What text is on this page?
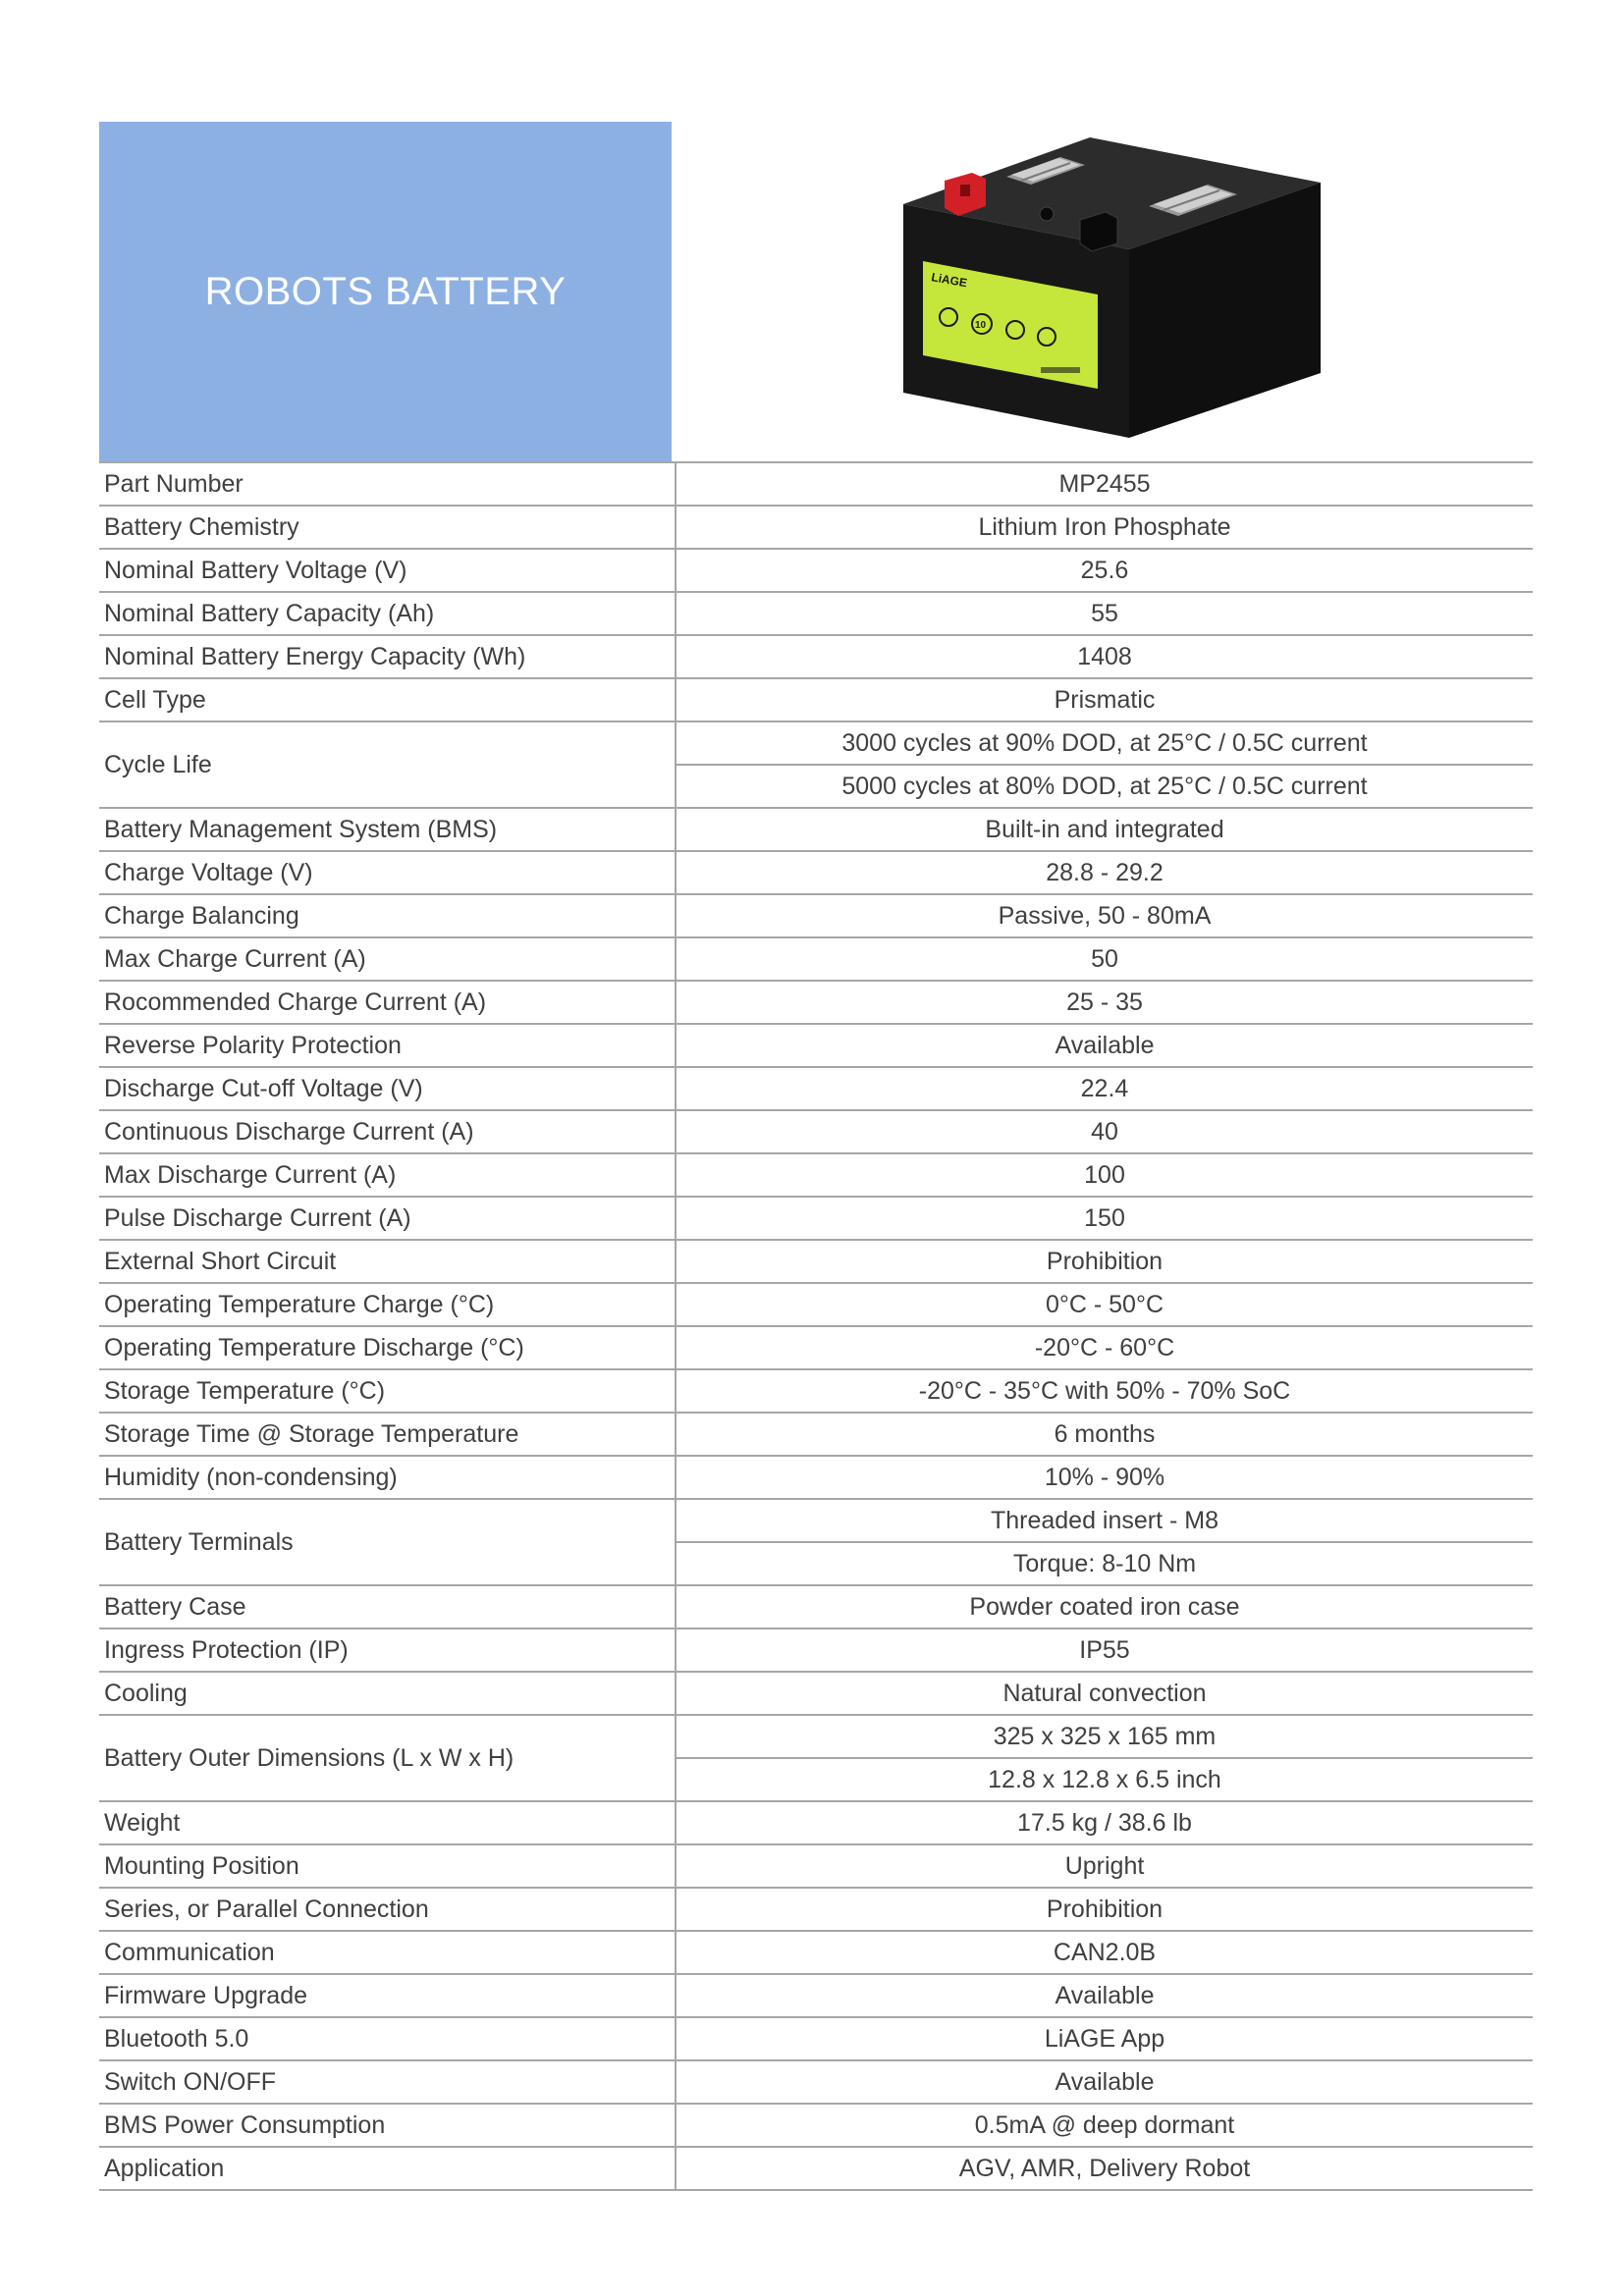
ROBOTS BATTERY	LiAGE
10
Part Number	MP2455
Battery Chemistry	Lithium Iron Phosphate
Nominal Battery Voltage (V)	25.6
Nominal Battery Capacity (Ah)	55
Nominal Battery Energy Capacity (Wh)	1408
Cell Type	Prismatic
Cycle Life	3000 cycles at 90% DOD, at 25°C / 0.5C current
	5000 cycles at 80% DOD, at 25°C / 0.5C current
Battery Management System (BMS)	Built-in and integrated
Charge Voltage (V)	28.8 - 29.2
Charge Balancing	Passive, 50 - 80mA
Max Charge Current (A)	50
Rocommended Charge Current (A)	25 - 35
Reverse Polarity Protection	Available
Discharge Cut-off Voltage (V)	22.4
Continuous Discharge Current (A)	40
Max Discharge Current (A)	100
Pulse Discharge Current (A)	150
External Short Circuit	Prohibition
Operating Temperature Charge (°C)	0°C - 50°C
Operating Temperature Discharge (°C)	-20°C - 60°C
Storage Temperature (°C)	-20°C - 35°C with 50% - 70% SoC
Storage Time @ Storage Temperature	6 months
Humidity (non-condensing)	10% - 90%
Battery Terminals	Threaded insert - M8
	Torque: 8-10 Nm
Battery Case	Powder coated iron case
Ingress Protection (IP)	IP55
Cooling	Natural convection
Battery Outer Dimensions (L x W x H)	325 x 325 x 165 mm
	12.8 x 12.8 x 6.5 inch
Weight	17.5 kg / 38.6 lb
Mounting Position	Upright
Series, or Parallel Connection	Prohibition
Communication	CAN2.0B
Firmware Upgrade	Available
Bluetooth 5.0	LiAGE App
Switch ON/OFF	Available
BMS Power Consumption	0.5mA @ deep dormant
Application	AGV, AMR, Delivery Robot
